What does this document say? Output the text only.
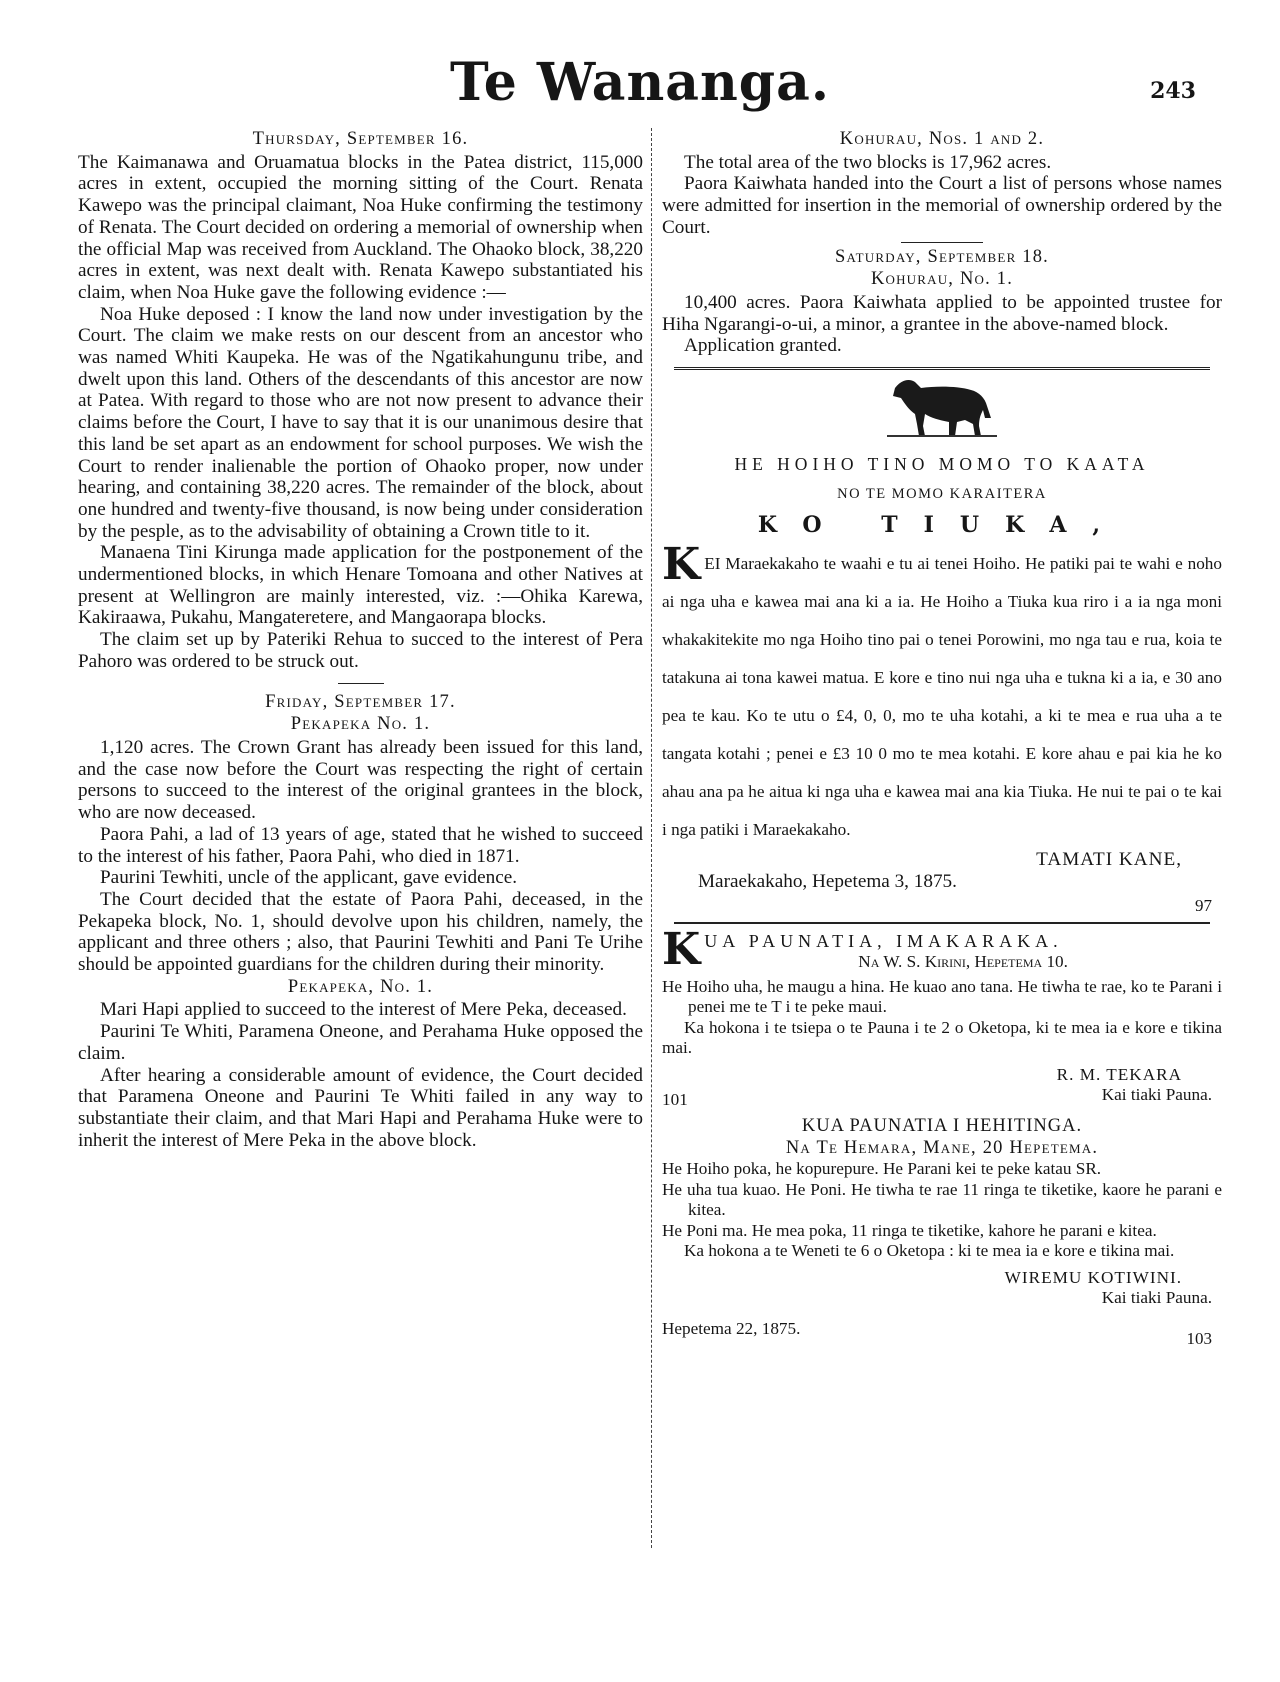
Te Wananga.	243
Thursday, September 16.

The Kaimanawa and Oruamatua blocks in the Patea district, 115,000 acres in extent, occupied the morning sitting of the Court. Renata Kawepo was the principal claimant, Noa Huke confirming the testimony of Renata. The Court decided on ordering a memorial of ownership when the official Map was received from Auckland. The Ohaoko block, 38,220 acres in extent, was next dealt with. Renata Kawepo substantiated his claim, when Noa Huke gave the following evidence :—

Noa Huke deposed : I know the land now under investigation by the Court. The claim we make rests on our descent from an ancestor who was named Whiti Kaupeka. He was of the Ngatikahungunu tribe, and dwelt upon this land. Others of the descendants of this ancestor are now at Patea. With regard to those who are not now present to advance their claims before the Court, I have to say that it is our unanimous desire that this land be set apart as an endowment for school purposes. We wish the Court to render inalienable the portion of Ohaoko proper, now under hearing, and containing 38,220 acres. The remainder of the block, about one hundred and twenty-five thousand, is now being under consideration by the pesple, as to the advisability of obtaining a Crown title to it.

Manaena Tini Kirunga made application for the postponement of the undermentioned blocks, in which Henare Tomoana and other Natives at present at Wellingron are mainly interested, viz. :—Ohika Karewa, Kakiraawa, Pukahu, Mangateretere, and Mangaorapa blocks.

The claim set up by Pateriki Rehua to succed to the interest of Pera Pahoro was ordered to be struck out.

Friday, September 17.
Pekapeka No. 1.

1,120 acres. The Crown Grant has already been issued for this land, and the case now before the Court was respecting the right of certain persons to succeed to the interest of the original grantees in the block, who are now deceased.

Paora Pahi, a lad of 13 years of age, stated that he wished to succeed to the interest of his father, Paora Pahi, who died in 1871.

Paurini Tewhiti, uncle of the applicant, gave evidence.

The Court decided that the estate of Paora Pahi, deceased, in the Pekapeka block, No. 1, should devolve upon his children, namely, the applicant and three others ; also, that Paurini Tewhiti and Pani Te Urihe should be appointed guardians for the children during their minority.

Pekapeka, No. 1.

Mari Hapi applied to succeed to the interest of Mere Peka, deceased.

Paurini Te Whiti, Paramena Oneone, and Perahama Huke opposed the claim.

After hearing a considerable amount of evidence, the Court decided that Paramena Oneone and Paurini Te Whiti failed in any way to substantiate their claim, and that Mari Hapi and Perahama Huke were to inherit the interest of Mere Peka in the above block.

Kohurau, Nos. 1 and 2.

The total area of the two blocks is 17,962 acres.

Paora Kaiwhata handed into the Court a list of persons whose names were admitted for insertion in the memorial of ownership ordered by the Court.

Saturday, September 18.
Kohurau, No. 1.

10,400 acres. Paora Kaiwhata applied to be appointed trustee for Hiha Ngarangi-o-ui, a minor, a grantee in the above-named block.

Application granted.

HE HOIHO TINO MOMO TO KAATA
NO TE MOMO KARAITERA
KO TIUKA,
KEI Maraekakaho te waahi e tu ai tenei Hoiho. He patiki pai te wahi e noho ai nga uha e kawea mai ana ki a ia. He Hoiho a Tiuka kua riro i a ia nga moni whakakitekite mo nga Hoiho tino pai o tenei Porowini, mo nga tau e rua, koia te tatakuna ai tona kawei matua. E kore e tino nui nga uha e tukna ki a ia, e 30 ano pea te kau. Ko te utu o £4, 0, 0, mo te uha kotahi, a ki te mea e rua uha a te tangata kotahi ; penei e £3 10 0 mo te mea kotahi. E kore ahau e pai kia he ko ahau ana pa he aitua ki nga uha e kawea mai ana kia Tiuka. He nui te pai o te kai i nga patiki i Maraekakaho.
TAMATI KANE,
Maraekakaho, Hepetema 3, 1875.
97
K UA PAUNATIA, IMAKARAKA.
Na W. S. Kirini, Hepetema 10.

He Hoiho uha, he maugu a hina. He kuao ano tana. He tiwha te rae, ko te Parani i penei me te T i te peke maui.

Ka hokona i te tsiepa o te Pauna i te 2 o Oketopa, ki te mea ia e kore e tikina mai.

R. M. TEKARA
Kai tiaki Pauna.
101
KUA PAUNATIA I HEHITINGA.
Na Te Hemara, Mane, 20 Hepetema.

He Hoiho poka, he kopurepure. He Parani kei te peke katau SR.

He uha tua kuao. He Poni. He tiwha te rae 11 ringa te tiketike, kaore he parani e kitea.

He Poni ma. He mea poka, 11 ringa te tiketike, kahore he parani e kitea.

Ka hokona a te Weneti te 6 o Oketopa : ki te mea ia e kore e tikina mai.

WIREMU KOTIWINI.
Kai tiaki Pauna.
Hepetema 22, 1875.
103
